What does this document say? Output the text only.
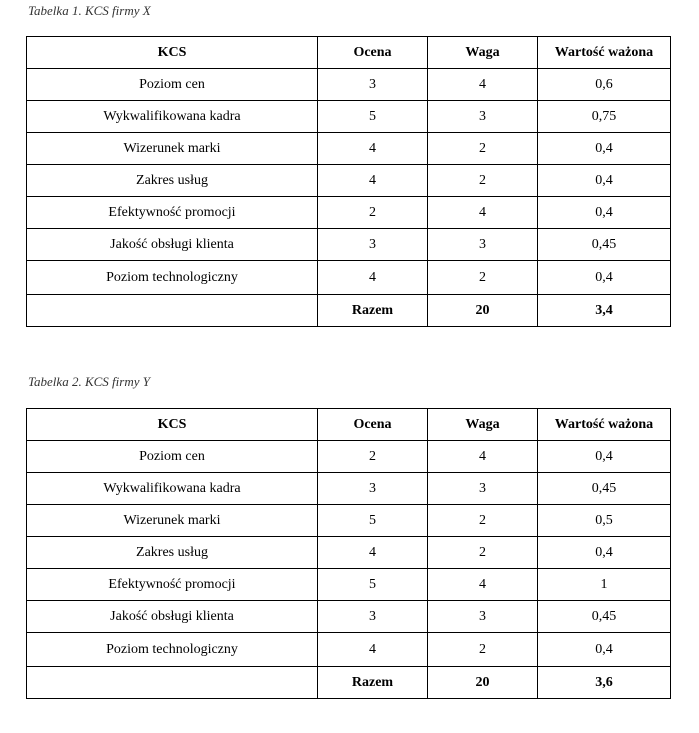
Tabelka 1. KCS firmy X
KCS	Ocena	Waga	Wartość ważona
Poziom cen	3	4	0,6
Wykwalifikowana kadra	5	3	0,75
Wizerunek marki	4	2	0,4
Zakres usług	4	2	0,4
Efektywność promocji	2	4	0,4
Jakość obsługi klienta	3	3	0,45
Poziom technologiczny	4	2	0,4
	Razem	20	3,4
Tabelka 2. KCS firmy Y
KCS	Ocena	Waga	Wartość ważona
Poziom cen	2	4	0,4
Wykwalifikowana kadra	3	3	0,45
Wizerunek marki	5	2	0,5
Zakres usług	4	2	0,4
Efektywność promocji	5	4	1
Jakość obsługi klienta	3	3	0,45
Poziom technologiczny	4	2	0,4
	Razem	20	3,6
